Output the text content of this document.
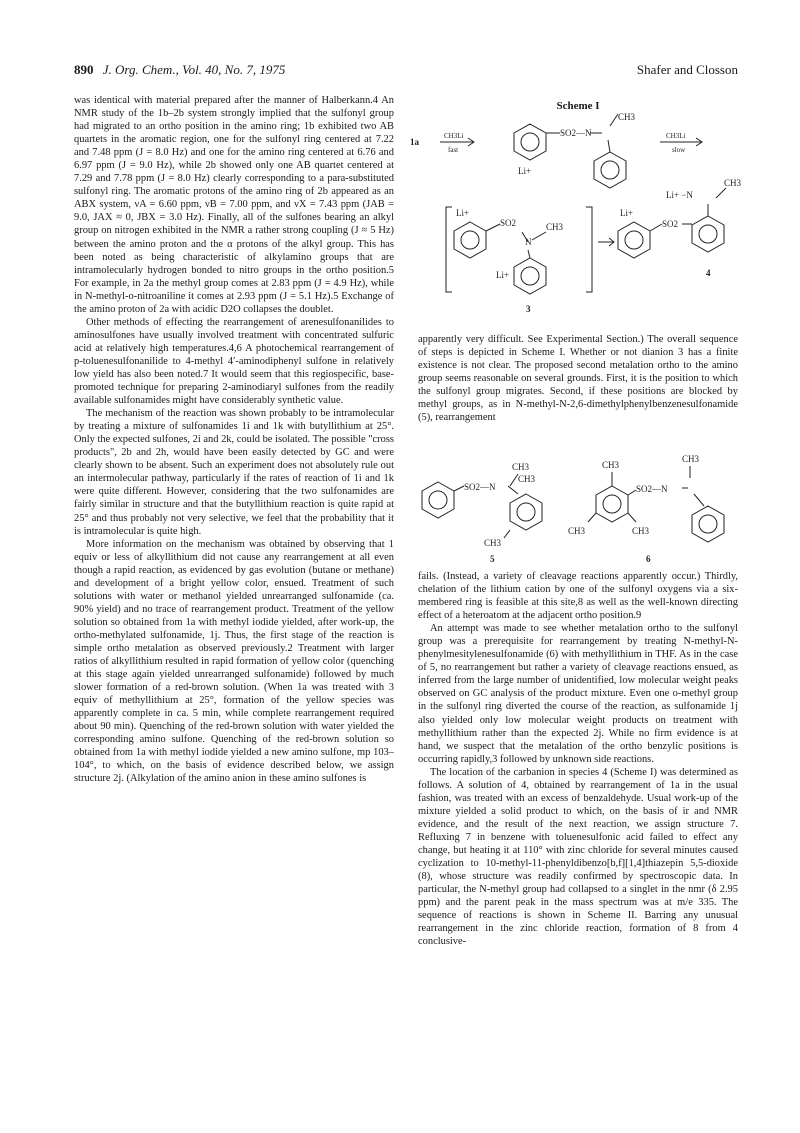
890 J. Org. Chem., Vol. 40, No. 7, 1975	Shafer and Closson

was identical with material prepared after the manner of Halberkann.4 An NMR study of the 1b–2b system strongly implied that the sulfonyl group had migrated to an ortho position in the amino ring; 1b exhibited two AB quartets in the aromatic region, one for the sulfonyl ring centered at 7.22 and 7.48 ppm (J = 8.0 Hz) and one for the amino ring centered at 6.76 and 6.97 ppm (J = 9.0 Hz), while 2b showed only one AB quartet centered at 7.29 and 7.78 ppm (J = 8.0 Hz) clearly corresponding to a para-substituted sulfonyl ring. The aromatic protons of the amino ring of 2b appeared as an ABX system, νA = 6.60 ppm, νB = 7.00 ppm, and νX = 7.43 ppm (JAB = 9.0, JAX ≈ 0, JBX = 3.0 Hz). Finally, all of the sulfones bearing an alkyl group on nitrogen exhibited in the NMR a rather strong coupling (J ≈ 5 Hz) between the amino proton and the α protons of the alkyl group. This has been noted as being characteristic of alkylamino groups that are intramolecularly hydrogen bonded to nitro groups in the ortho position.5 For example, in 2a the methyl group comes at 2.83 ppm (J = 4.9 Hz), while in N-methyl-o-nitroaniline it comes at 2.93 ppm (J = 5.1 Hz).5 Exchange of the amino proton of 2a with acidic D2O collapses the doublet.

Other methods of effecting the rearrangement of arenesulfonanilides to aminosulfones have usually involved treatment with concentrated sulfuric acid at relatively high temperatures.4,6 A photochemical rearrangement of p-toluenesulfonanilide to 4-methyl 4′-aminodiphenyl sulfone in relatively low yield has also been noted.7 It would seem that this regiospecific, base-promoted technique for preparing 2-aminodiaryl sulfones from the readily available sulfonamides might have considerably synthetic value.

The mechanism of the reaction was shown probably to be intramolecular by treating a mixture of sulfonamides 1i and 1k with butyllithium at 25°. Only the expected sulfones, 2i and 2k, could be isolated. The possible "cross products", 2b and 2h, would have been easily detected by GC and were clearly shown to be absent. Such an experiment does not absolutely rule out an intermolecular pathway, particularly if the rates of reaction of 1i and 1k were quite different. However, considering that the two sulfonamides are fairly similar in structure and that the butyllithium reaction is quite rapid at 25° and thus probably not very selective, we feel that the probability that it is intramolecular is quite high.

More information on the mechanism was obtained by observing that 1 equiv or less of alkyllithium did not cause any rearrangement at all even though a rapid reaction, as evidenced by gas evolution (butane or methane) and development of a bright yellow color, ensued. Treatment of such solutions with water or methanol yielded unrearranged sulfonamide (ca. 90% yield) and no trace of rearrangement product. Treatment of the yellow solution so obtained from 1a with methyl iodide yielded, after work-up, the ortho-methylated sulfonamide, 1j. Thus, the first stage of the reaction is simple ortho metalation as observed previously.2 Treatment with larger ratios of alkyllithium resulted in rapid formation of yellow color (quenching at this stage again yielded unrearranged sulfonamide) followed by much slower formation of a red-brown solution. (When 1a was treated with 3 equiv of methyllithium at 25°, formation of the yellow species was apparently complete in ca. 5 min, while complete rearrangement required about 90 min). Quenching of the red-brown solution with water yielded the corresponding amino sulfone. Quenching of the red-brown solution so obtained from 1a with methyl iodide yielded a new amino sulfone, mp 103–104°, to which, on the basis of evidence described below, we assign structure 2j. (Alkylation of the amino anion in these amino sulfones is

Scheme I
1a
CH3Li
fast
Li+
SO2—N
CH3
CH3Li
slow
Li+
SO2
N
CH3
Li+
3
Li+
SO2
Li+ −N
CH3
4

apparently very difficult. See Experimental Section.) The overall sequence of steps is depicted in Scheme I. Whether or not dianion 3 has a finite existence is not clear. The proposed second metalation ortho to the amino group seems reasonable on several grounds. First, it is the position to which the sulfonyl group migrates. Second, if these positions are blocked by methyl groups, as in N-methyl-N-2,6-dimethylphenylbenzenesulfonamide (5), rearrangement

SO2—N
CH3
CH3
CH3
5
CH3
CH3	CH3
SO2—N
CH3
6

fails. (Instead, a variety of cleavage reactions apparently occur.) Thirdly, chelation of the lithium cation by one of the sulfonyl oxygens via a six-membered ring is feasible at this site,8 as well as the well-known directing effect of a heteroatom at the adjacent ortho position.9

An attempt was made to see whether metalation ortho to the sulfonyl group was a prerequisite for rearrangement by treating N-methyl-N-phenylmesitylenesulfonamide (6) with methyllithium in THF. As in the case of 5, no rearrangement but rather a variety of cleavage reactions ensued, as inferred from the large number of unidentified, low molecular weight peaks observed on GC analysis of the product mixture. Even one o-methyl group in the sulfonyl ring diverted the course of the reaction, as sulfonamide 1j also yielded only low molecular weight products on treatment with methyllithium rather than the expected 2j. While no firm evidence is at hand, we suspect that the metalation of the ortho benzylic positions is occurring rapidly,3 followed by unknown side reactions.

The location of the carbanion in species 4 (Scheme I) was determined as follows. A solution of 4, obtained by rearrangement of 1a in the usual fashion, was treated with an excess of benzaldehyde. Usual work-up of the mixture yielded a solid product to which, on the basis of ir and NMR evidence, and the result of the next reaction, we assign structure 7. Refluxing 7 in benzene with toluenesulfonic acid failed to effect any change, but heating it at 110° with zinc chloride for several minutes caused cyclization to 10-methyl-11-phenyldibenzo[b,f][1,4]thiazepin 5,5-dioxide (8), whose structure was readily confirmed by spectroscopic data. In particular, the N-methyl group had collapsed to a singlet in the nmr (δ 2.95 ppm) and the parent peak in the mass spectrum was at m/e 335. The sequence of reactions is shown in Scheme II. Barring any unusual rearrangement in the zinc chloride reaction, formation of 8 from 4 conclusive-
